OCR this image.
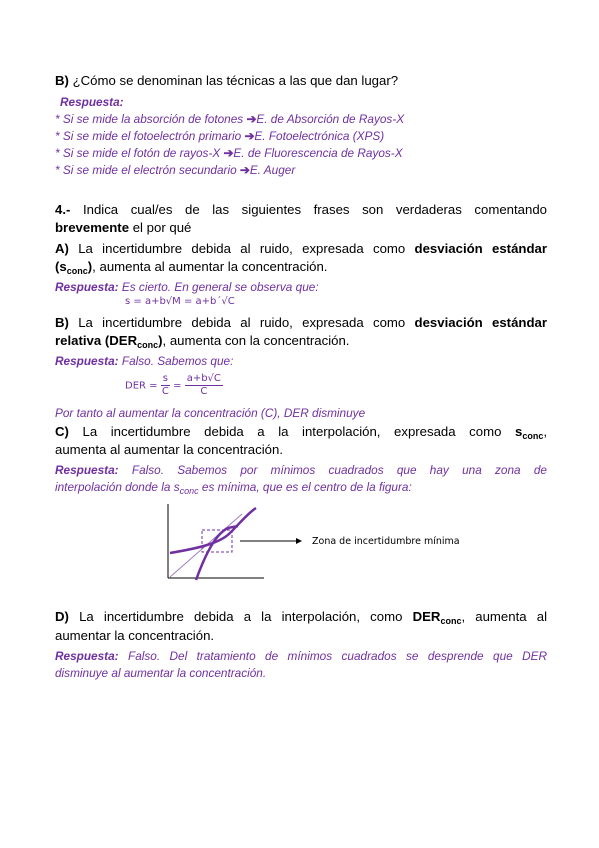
B) ¿Cómo se denominan las técnicas a las que dan lugar?
Respuesta:
* Si se mide la absorción de fotones ➔E. de Absorción de Rayos-X
* Si se mide el fotoelectrón primario ➔E. Fotoelectrónica (XPS)
* Si se mide el fotón de rayos-X ➔E. de Fluorescencia de Rayos-X
* Si se mide el electrón secundario ➔E. Auger
4.- Indica cual/es de las siguientes frases son verdaderas comentando
brevemente el por qué
A) La incertidumbre debida al ruido, expresada como desviación estándar
$(s_{conc})$, aumenta al aumentar la concentración.
Respuesta: Es cierto. En general se observa que:
s = a+b√M = a+b´√C
B) La incertidumbre debida al ruido, expresada como desviación estándar
relativa $(DER_{conc})$, aumenta con la concentración.
Respuesta: Falso. Sabemos que:
DER = $\frac{s}{C} = \frac{a+b√C}{C}$
Por tanto al aumentar la concentración (C), DER disminuye
C) La incertidumbre debida a la interpolación, expresada como $s_{conc}$,
aumenta al aumentar la concentración.
Respuesta: Falso. Sabemos por mínimos cuadrados que hay una zona de
interpolación donde la $s_{conc}$ es mínima, que es el centro de la figura:
Zona de incertidumbre mínima
D) La incertidumbre debida a la interpolación, como $DER_{conc}$, aumenta al
aumentar la concentración.
Respuesta: Falso. Del tratamiento de mínimos cuadrados se desprende que DER
disminuye al aumentar la concentración.
